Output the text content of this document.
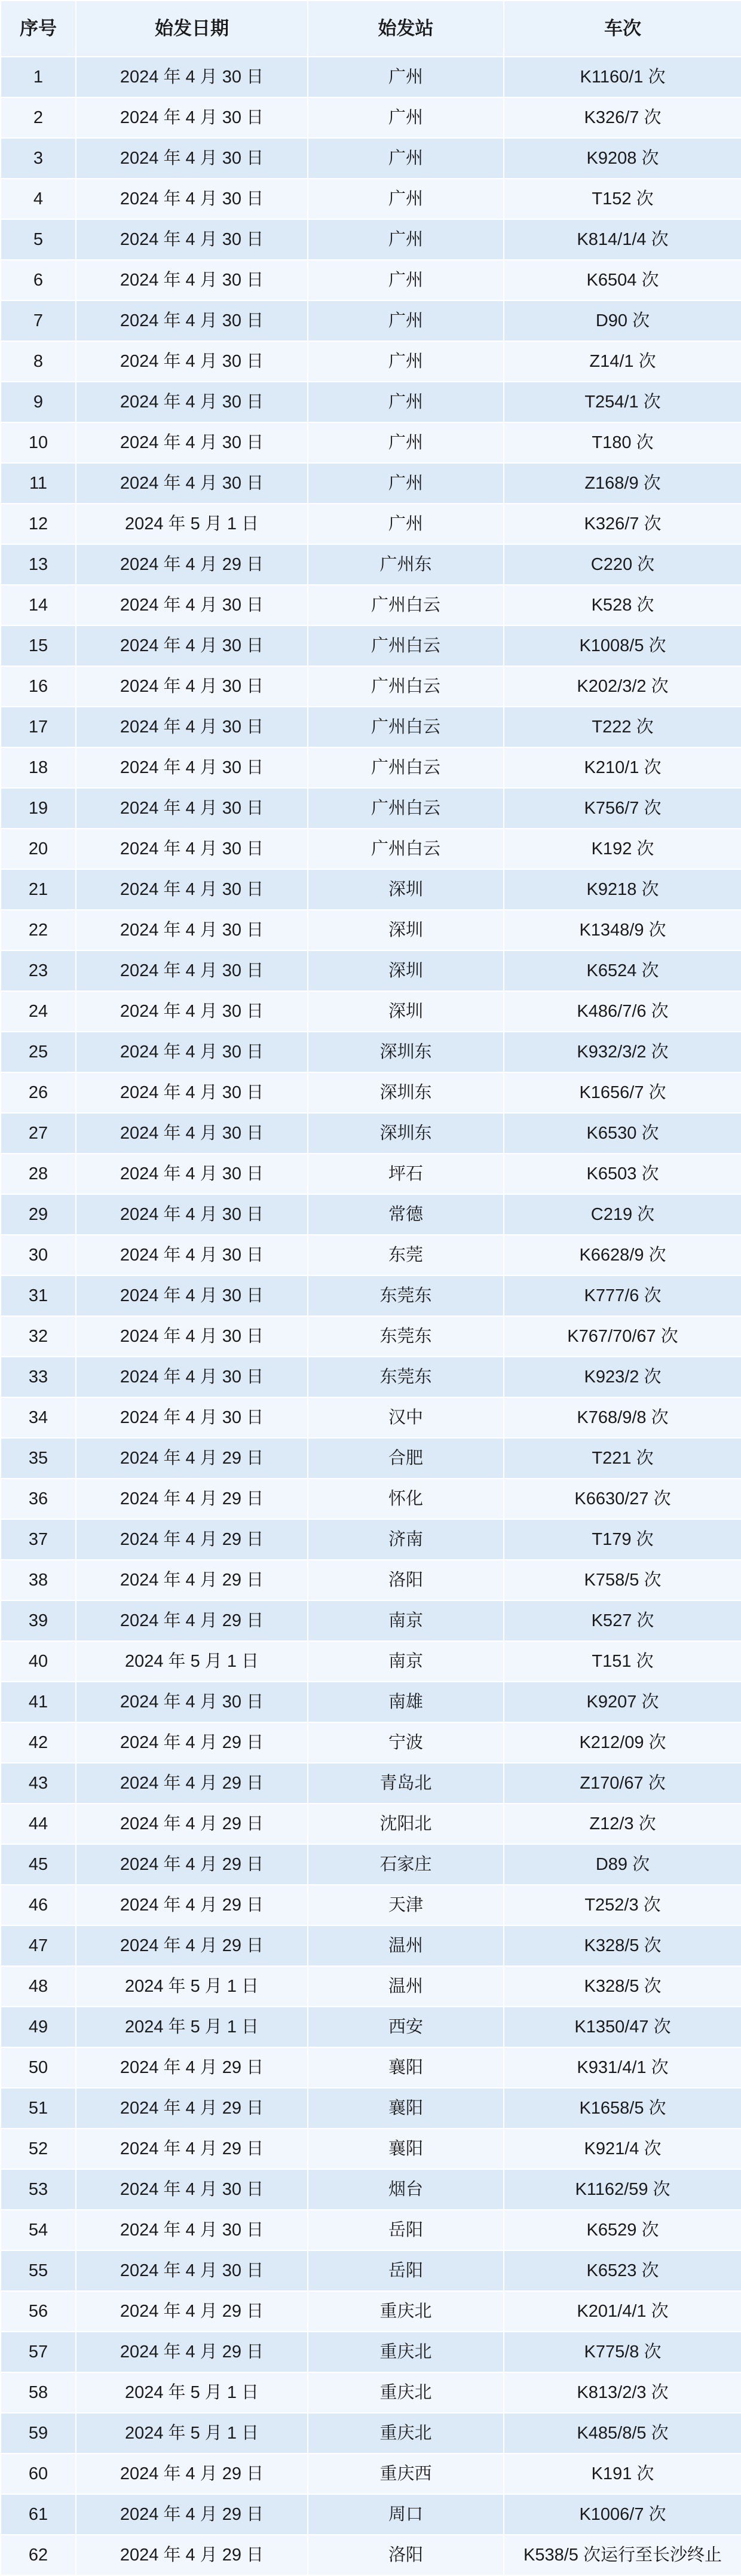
序号	始发日期	始发站	车次
1	2024 年 4 月 30 日	广州	K1160/1 次
2	2024 年 4 月 30 日	广州	K326/7 次
3	2024 年 4 月 30 日	广州	K9208 次
4	2024 年 4 月 30 日	广州	T152 次
5	2024 年 4 月 30 日	广州	K814/1/4 次
6	2024 年 4 月 30 日	广州	K6504 次
7	2024 年 4 月 30 日	广州	D90 次
8	2024 年 4 月 30 日	广州	Z14/1 次
9	2024 年 4 月 30 日	广州	T254/1 次
10	2024 年 4 月 30 日	广州	T180 次
11	2024 年 4 月 30 日	广州	Z168/9 次
12	2024 年 5 月 1 日	广州	K326/7 次
13	2024 年 4 月 29 日	广州东	C220 次
14	2024 年 4 月 30 日	广州白云	K528 次
15	2024 年 4 月 30 日	广州白云	K1008/5 次
16	2024 年 4 月 30 日	广州白云	K202/3/2 次
17	2024 年 4 月 30 日	广州白云	T222 次
18	2024 年 4 月 30 日	广州白云	K210/1 次
19	2024 年 4 月 30 日	广州白云	K756/7 次
20	2024 年 4 月 30 日	广州白云	K192 次
21	2024 年 4 月 30 日	深圳	K9218 次
22	2024 年 4 月 30 日	深圳	K1348/9 次
23	2024 年 4 月 30 日	深圳	K6524 次
24	2024 年 4 月 30 日	深圳	K486/7/6 次
25	2024 年 4 月 30 日	深圳东	K932/3/2 次
26	2024 年 4 月 30 日	深圳东	K1656/7 次
27	2024 年 4 月 30 日	深圳东	K6530 次
28	2024 年 4 月 30 日	坪石	K6503 次
29	2024 年 4 月 30 日	常德	C219 次
30	2024 年 4 月 30 日	东莞	K6628/9 次
31	2024 年 4 月 30 日	东莞东	K777/6 次
32	2024 年 4 月 30 日	东莞东	K767/70/67 次
33	2024 年 4 月 30 日	东莞东	K923/2 次
34	2024 年 4 月 30 日	汉中	K768/9/8 次
35	2024 年 4 月 29 日	合肥	T221 次
36	2024 年 4 月 29 日	怀化	K6630/27 次
37	2024 年 4 月 29 日	济南	T179 次
38	2024 年 4 月 29 日	洛阳	K758/5 次
39	2024 年 4 月 29 日	南京	K527 次
40	2024 年 5 月 1 日	南京	T151 次
41	2024 年 4 月 30 日	南雄	K9207 次
42	2024 年 4 月 29 日	宁波	K212/09 次
43	2024 年 4 月 29 日	青岛北	Z170/67 次
44	2024 年 4 月 29 日	沈阳北	Z12/3 次
45	2024 年 4 月 29 日	石家庄	D89 次
46	2024 年 4 月 29 日	天津	T252/3 次
47	2024 年 4 月 29 日	温州	K328/5 次
48	2024 年 5 月 1 日	温州	K328/5 次
49	2024 年 5 月 1 日	西安	K1350/47 次
50	2024 年 4 月 29 日	襄阳	K931/4/1 次
51	2024 年 4 月 29 日	襄阳	K1658/5 次
52	2024 年 4 月 29 日	襄阳	K921/4 次
53	2024 年 4 月 30 日	烟台	K1162/59 次
54	2024 年 4 月 30 日	岳阳	K6529 次
55	2024 年 4 月 30 日	岳阳	K6523 次
56	2024 年 4 月 29 日	重庆北	K201/4/1 次
57	2024 年 4 月 29 日	重庆北	K775/8 次
58	2024 年 5 月 1 日	重庆北	K813/2/3 次
59	2024 年 5 月 1 日	重庆北	K485/8/5 次
60	2024 年 4 月 29 日	重庆西	K191 次
61	2024 年 4 月 29 日	周口	K1006/7 次
62	2024 年 4 月 29 日	洛阳	K538/5 次运行至长沙终止
